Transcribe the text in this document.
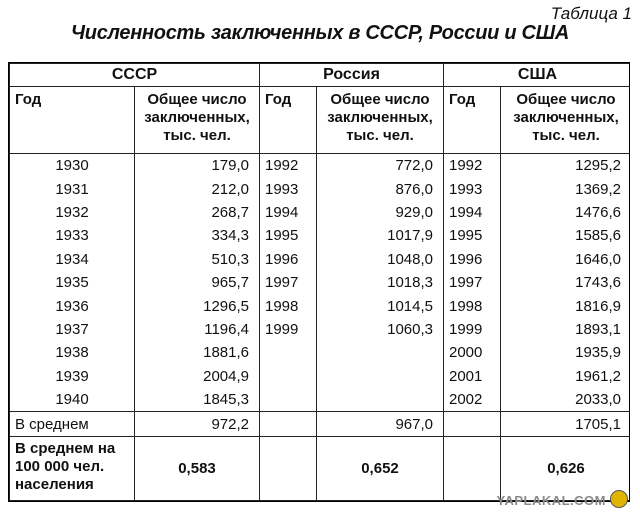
Таблица 1
Численность заключенных в СССР, России и США
СССР		Россия		США	
Год	Общее число заключенных, тыс. чел.	Год	Общее число заключенных, тыс. чел.	Год	Общее число заключенных, тыс. чел.
1930	179,0	1992	772,0	1992	1295,2
1931	212,0	1993	876,0	1993	1369,2
1932	268,7	1994	929,0	1994	1476,6
1933	334,3	1995	1017,9	1995	1585,6
1934	510,3	1996	1048,0	1996	1646,0
1935	965,7	1997	1018,3	1997	1743,6
1936	1296,5	1998	1014,5	1998	1816,9
1937	1196,4	1999	1060,3	1999	1893,1
1938	1881,6			2000	1935,9
1939	2004,9			2001	1961,2
1940	1845,3			2002	2033,0
В среднем	972,2		967,0		1705,1
В среднем на 100 000 чел. населения	0,583		0,652		0,626
YAPLAKAL.COM
